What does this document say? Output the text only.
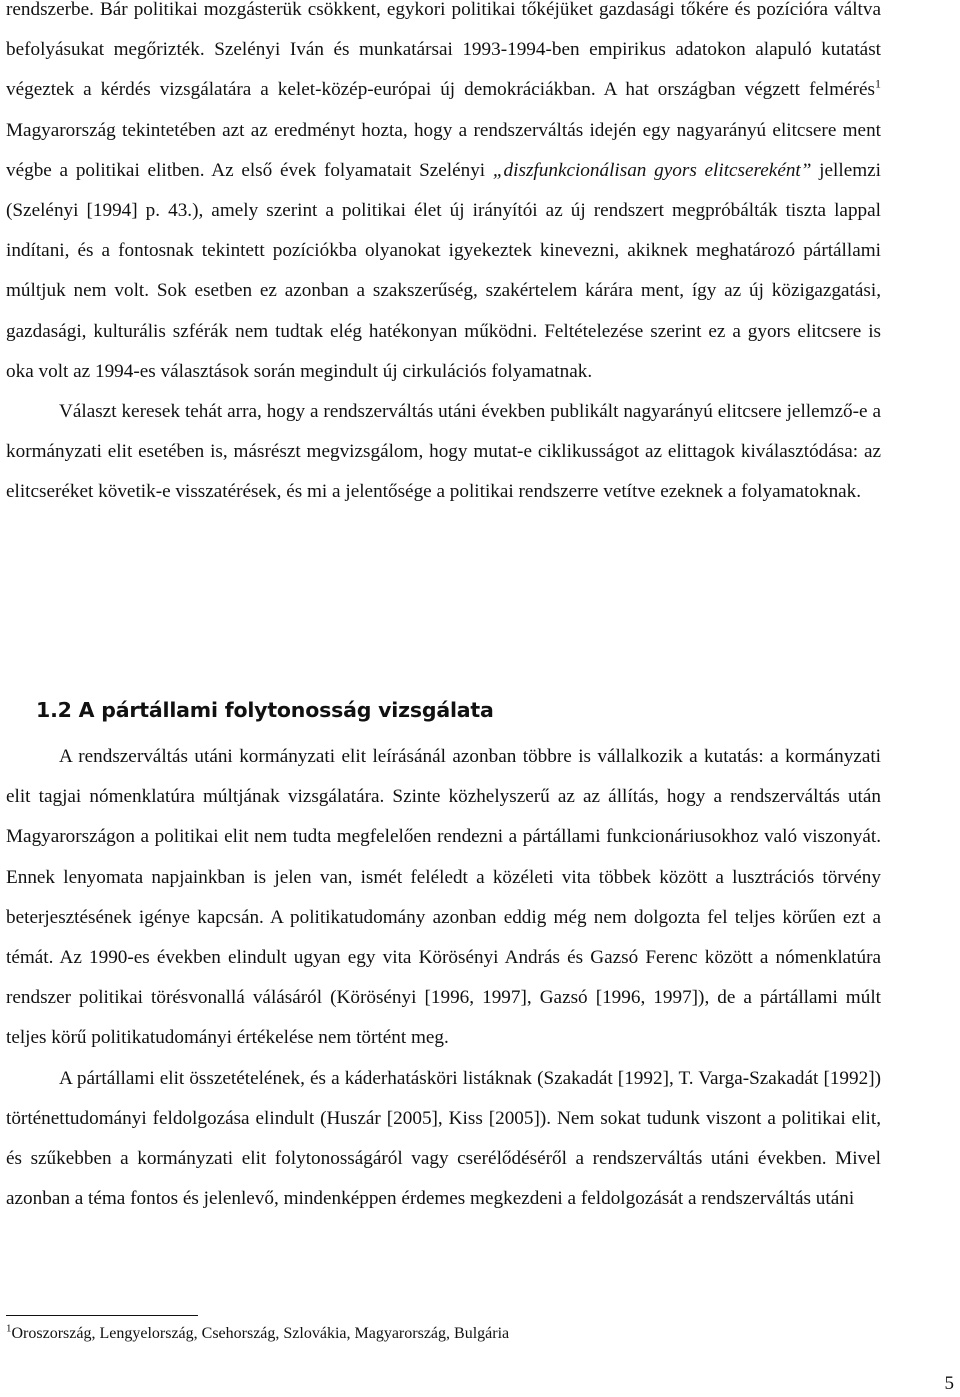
rendszerbe. Bár politikai mozgásterük csökkent, egykori politikai tőkéjüket gazdasági tőkére és pozícióra váltva befolyásukat megőrizték. Szelényi Iván és munkatársai 1993-1994-ben empirikus adatokon alapuló kutatást végeztek a kérdés vizsgálatára a kelet-közép-európai új demokráciákban. A hat országban végzett felmérés$^1$ Magyarország tekintetében azt az eredményt hozta, hogy a rendszerváltás idején egy nagyarányú elitcsere ment végbe a politikai elitben. Az első évek folyamatait Szelényi „diszfunkcionálisan gyors elitcsereként” jellemzi (Szelényi [1994] p. 43.), amely szerint a politikai élet új irányítói az új rendszert megpróbálták tiszta lappal indítani, és a fontosnak tekintett pozíciókba olyanokat igyekeztek kinevezni, akiknek meghatározó pártállami múltjuk nem volt. Sok esetben ez azonban a szakszerűség, szakértelem kárára ment, így az új közigazgatási, gazdasági, kulturális szférák nem tudtak elég hatékonyan működni. Feltételezése szerint ez a gyors elitcsere is oka volt az 1994-es választások során megindult új cirkulációs folyamatnak.

Választ keresek tehát arra, hogy a rendszerváltás utáni években publikált nagyarányú elitcsere jellemző-e a kormányzati elit esetében is, másrészt megvizsgálom, hogy mutat-e ciklikusságot az elittagok kiválasztódása: az elitcseréket követik-e visszatérések, és mi a jelentősége a politikai rendszerre vetítve ezeknek a folyamatoknak.

1.2 A pártállami folytonosság vizsgálata

A rendszerváltás utáni kormányzati elit leírásánál azonban többre is vállalkozik a kutatás: a kormányzati elit tagjai nómenklatúra múltjának vizsgálatára. Szinte közhelyszerű az az állítás, hogy a rendszerváltás után Magyarországon a politikai elit nem tudta megfelelően rendezni a pártállami funkcionáriusokhoz való viszonyát. Ennek lenyomata napjainkban is jelen van, ismét feléledt a közéleti vita többek között a lusztrációs törvény beterjesztésének igénye kapcsán. A politikatudomány azonban eddig még nem dolgozta fel teljes körűen ezt a témát. Az 1990-es években elindult ugyan egy vita Körösényi András és Gazsó Ferenc között a nómenklatúra rendszer politikai törésvonallá válásáról (Körösényi [1996, 1997], Gazsó [1996, 1997]), de a pártállami múlt teljes körű politikatudományi értékelése nem történt meg.

A pártállami elit összetételének, és a káderhatásköri listáknak (Szakadát [1992], T. Varga-Szakadát [1992]) történettudományi feldolgozása elindult (Huszár [2005], Kiss [2005]). Nem sokat tudunk viszont a politikai elit, és szűkebben a kormányzati elit folytonosságáról vagy cserélődéséről a rendszerváltás utáni években. Mivel azonban a téma fontos és jelenlevő, mindenképpen érdemes megkezdeni a feldolgozását a rendszerváltás utáni

$^1$Oroszország, Lengyelország, Csehország, Szlovákia, Magyarország, Bulgária
5
